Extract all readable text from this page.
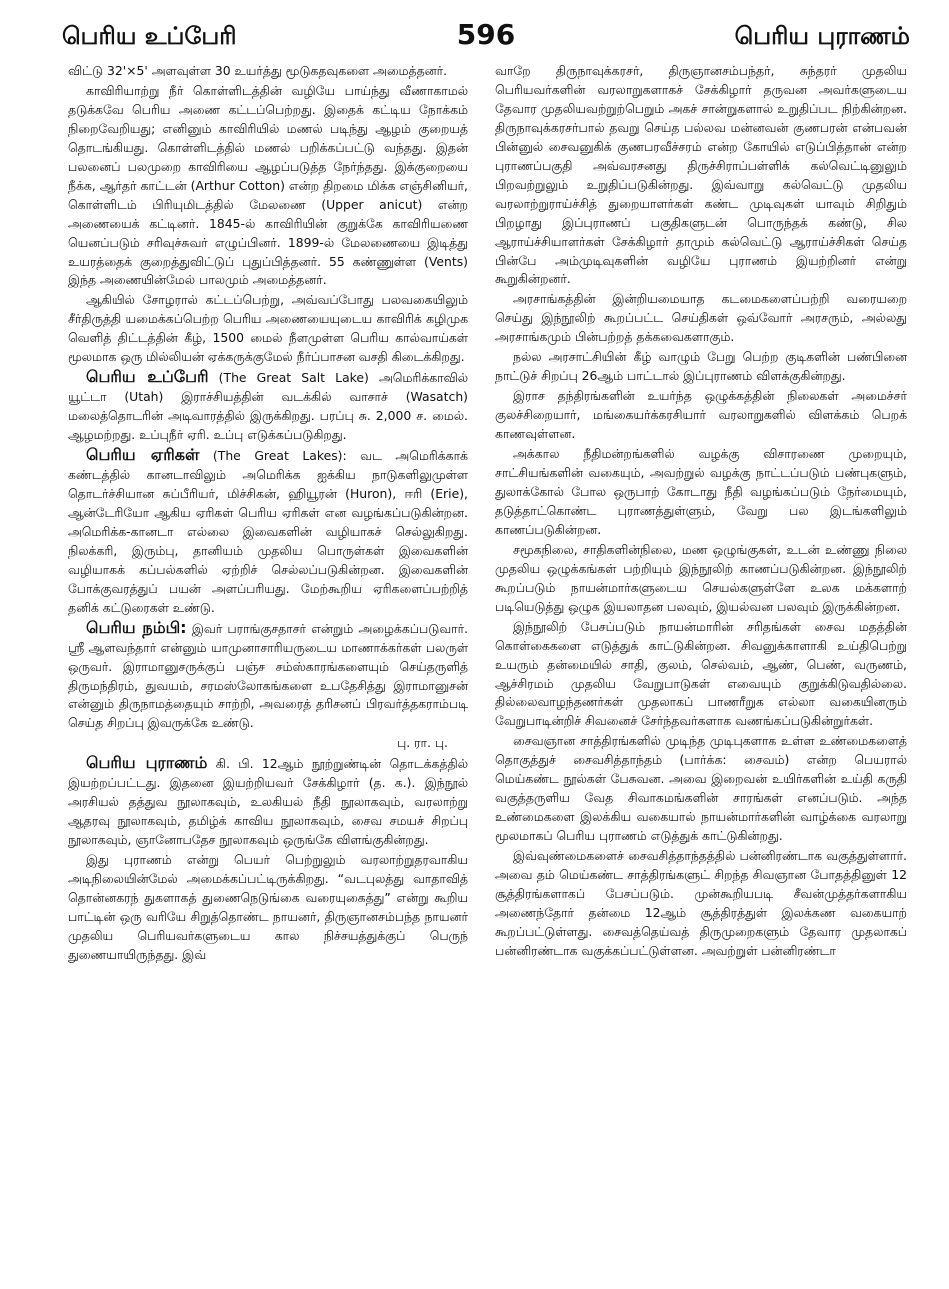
பெரிய உப்பேரி	596	பெரிய புராணம்

விட்டு 32'×5' அளவுள்ள 30 உயர்த்து மூடுகதவுகளை அமைத்தனர்.

காவிரியாற்று நீர் கொள்ளிடத்தின் வழியே பாய்ந்து வீணாகாமல் தடுக்கவே பெரிய அணை கட்டப்பெற்றது. இதைக் கட்டிய நோக்கம் நிறைவேறியது; எனினும் காவிரியில் மணல் படிந்து ஆழம் குறையத் தொடங்கியது. கொள்ளிடத்தில் மணல் பறிக்கப்பட்டு வந்தது. இதன் பலனைப் பலமுறை காவிரியை ஆழப்படுத்த நேர்ந்தது. இக்குறையை நீக்க, ஆர்தர் காட்டன் (Arthur Cotton) என்ற திறமை மிக்க எஞ்சினியர், கொள்ளிடம் பிரியுமிடத்தில் மேலணை (Upper anicut) என்ற அணையைக் கட்டினர். 1845-ல் காவிரியின் குறுக்கே காவிரியணை யெனப்படும் சரிவுச்சுவர் எழுப்பினர். 1899-ல் மேலணையை இடித்து உயரத்தைக் குறைத்துவிட்டுப் புதுப்பித்தனர். 55 கண்ணுள்ள (Vents) இந்த அணையின்மேல் பாலமும் அமைத்தனர்.

ஆகியில் சோழரால் கட்டப்பெற்று, அவ்வப்போது பலவகையிலும் சீர்திருத்தி யமைக்கப்பெற்ற பெரிய அணையையுடைய காவிரிக் கழிமுக வெளித் திட்டத்தின் கீழ், 1500 மைல் நீளமுள்ள பெரிய கால்வாய்கள் மூலமாக ஒரு மில்லியன் ஏக்கருக்குமேல் நீர்ப்பாசன வசதி கிடைக்கிறது.

பெரிய உப்பேரி (The Great Salt Lake) அமெரிக்காவில் யூட்டா (Utah) இராச்சியத்தின் வடக்கில் வாசாச் (Wasatch) மலைத்தொடரின் அடிவாரத்தில் இருக்கிறது. பரப்பு சு. 2,000 ச. மைல். ஆழமற்றது. உப்புநீர் ஏரி. உப்பு எடுக்கப்படுகிறது.

பெரிய ஏரிகள் (The Great Lakes): வட அமெரிக்காக் கண்டத்தில் கானடாவிலும் அமெரிக்க ஐக்கிய நாடுகளிலுமுள்ள தொடர்ச்சியான சுப்பீரியர், மிச்சிகன், ஹியூரன் (Huron), ஈரி (Erie), ஆன்டேரியோ ஆகிய ஏரிகள் பெரிய ஏரிகள் என வழங்கப்படுகின்றன. அமெரிக்க-கானடா எல்லை இவைகளின் வழியாகச் செல்லுகிறது. நிலக்கரி, இரும்பு, தானியம் முதலிய பொருள்கள் இவைகளின் வழியாகக் கப்பல்களில் ஏற்றிச் செல்லப்படுகின்றன. இவைகளின் போக்குவரத்துப் பயன் அளப்பரியது. மேற்கூறிய ஏரிகளைப்பற்றித் தனிக் கட்டுரைகள் உண்டு.

பெரிய நம்பி: இவர் பராங்குசதாசர் என்றும் அழைக்கப்படுவார். ஸ்ரீ ஆளவந்தார் என்னும் யாமுனாசாரியருடைய மாணாக்கர்கள் பலருள் ஒருவர். இராமானுசருக்குப் பஞ்ச சம்ஸ்காரங்களையும் செய்தருளித் திருமந்திரம், துவயம், சரமஸ்லோகங்களை உபதேசித்து இராமானுசன் என்னும் திருநாமத்தையும் சாற்றி, அவரைத் தரிசனப் பிரவர்த்தகராம்படி செய்த சிறப்பு இவருக்கே உண்டு.

பு. ரா. பு.

பெரிய புராணம் கி. பி. 12ஆம் நூற்றுண்டின் தொடக்கத்தில் இயற்றப்பட்டது. இதனை இயற்றியவர் சேக்கிழார் (த. க.). இந்நூல் அரசியல் தத்துவ நூலாகவும், உலகியல் நீதி நூலாகவும், வரலாற்று ஆதரவு நூலாகவும், தமிழ்க் காவிய நூலாகவும், சைவ சமயச் சிறப்பு நூலாகவும், ஞானோபதேச நூலாகவும் ஒருங்கே விளங்குகின்றது.

இது புராணம் என்று பெயர் பெற்றுலும் வரலாற்றுதரவாகிய அடிநிலையின்மேல் அமைக்கப்பட்டிருக்கிறது. “வடபுலத்து வாதாவித் தொன்னகரந் துகளாகத் துணைநெடுங்கை வரையுகைத்து” என்று கூறிய பாட்டின் ஒரு வரியே சிறுத்தொண்ட நாயனர், திருஞானசம்பந்த நாயனர் முதலிய பெரியவர்களுடைய கால நிச்சயத்துக்குப் பெருந் துணையாயிருந்தது. இவ்

வாறே திருநாவுக்கரசர், திருஞானசம்பந்தர், சுந்தரர் முதலிய பெரியவர்களின் வரலாறுகளாகச் சேக்கிழார் தருவன அவர்களுடைய தேவார முதலியவற்றுற்பெறும் அகச் சான்றுகளால் உறுதிப்பட நிற்கின்றன. திருநாவுக்கரசர்பால் தவறு செய்த பல்லவ மன்னவன் குணபரன் என்பவன் பின்னுல் சைவனுகிக் குணபரவீச்சரம் என்ற கோயில் எடுப்பித்தான் என்ற புராணப்பகுதி அவ்வரசனது திருச்சிராப்பள்ளிக் கல்வெட்டினுலும் பிறவற்றுலும் உறுதிப்படுகின்றது. இவ்வாறு கல்வெட்டு முதலிய வரலாற்றுராய்ச்சித் துறையாளர்கள் கண்ட முடிவுகள் யாவும் சிறிதும் பிறழாது இப்புராணப் பகுதிகளுடன் பொருந்தக் கண்டு, சில ஆராய்ச்சியாளர்கள் சேக்கிழார் தாமும் கல்வெட்டு ஆராய்ச்சிகள் செய்த பின்பே அம்முடிவுகளின் வழியே புராணம் இயற்றினர் என்று கூறுகின்றனர்.

அரசாங்கத்தின் இன்றியமையாத கடமைகளைப்பற்றி வரையறை செய்து இந்நூலிற் கூறப்பட்ட செய்திகள் ஒவ்வோர் அரசரும், அல்லது அரசாங்கமும் பின்பற்றத் தக்கவைகளாகும்.

நல்ல அரசாட்சியின் கீழ் வாழும் பேறு பெற்ற குடிகளின் பண்பினை நாட்டுச் சிறப்பு 26ஆம் பாட்டால் இப்புராணம் விளக்குகின்றது.

இராச தந்திரங்களின் உயர்ந்த ஒழுக்கத்தின் நிலைகள் அமைச்சர் குலச்சிறையார், மங்கையர்க்கரசியார் வரலாறுகளில் விளக்கம் பெறக் காணவுள்ளன.

அக்கால நீதிமன்றங்களில் வழக்கு விசாரணை முறையும், சாட்சியங்களின் வகையும், அவற்றுல் வழக்கு நாட்டப்படும் பண்புகளும், துலாக்கோல் போல ஒருபாற் கோடாது நீதி வழங்கப்படும் நேர்மையும், தடுத்தாட்கொண்ட புராணத்துள்ளும், வேறு பல இடங்களிலும் காணப்படுகின்றன.

சமூகநிலை, சாதிகளின்நிலை, மண ஒழுங்குகள், உடன் உண்ணு நிலை முதலிய ஒழுக்கங்கள் பற்றியும் இந்நூலிற் காணப்படுகின்றன. இந்நூலிற் கூறப்படும் நாயன்மார்களுடைய செயல்களுள்ளே உலக மக்களாற் படியெடுத்து ஒழுக இயலாதன பலவும், இயல்வன பலவும் இருக்கின்றன.

இந்நூலிற் பேசப்படும் நாயன்மாரின் சரிதங்கள் சைவ மதத்தின் கொள்கைகளை எடுத்துக் காட்டுகின்றன. சிவனுக்காளாகி உய்திபெற்று உயரும் தன்மையில் சாதி, குலம், செல்வம், ஆண், பெண், வருணம், ஆச்சிரமம் முதலிய வேறுபாடுகள் எவையும் குறுக்கிடுவதில்லை. தில்லைவாழந்தணர்கள் முதலாகப் பாணரீறுக எல்லா வகையினரும் வேறுபாடின்றிச் சிவனைச் சேர்ந்தவர்களாக வணங்கப்படுகின்றுர்கள்.

சைவஞான சாத்திரங்களில் முடிந்த முடிபுகளாக உள்ள உண்மைகளைத் தொகுத்துச் சைவசித்தாந்தம் (பார்க்க: சைவம்) என்ற பெயரால் மெய்கண்ட நூல்கள் பேசுவன. அவை இறைவன் உயிர்களின் உய்தி கருதி வகுத்தருளிய வேத சிவாகமங்களின் சாரங்கள் எனப்படும். அந்த உண்மைகளை இலக்கிய வகையால் நாயன்மார்களின் வாழ்க்கை வரலாறு மூலமாகப் பெரிய புராணம் எடுத்துக் காட்டுகின்றது.

இவ்வுண்மைகளைச் சைவசித்தாந்தத்தில் பன்னிரண்டாக வகுத்துள்ளார். அவை தம் மெய்கண்ட சாத்திரங்களுட் சிறந்த சிவஞான போதத்தினுள் 12 சூத்திரங்களாகப் பேசப்படும். முன்கூறியபடி சீவன்முத்தர்களாகிய அணைந்தோர் தன்மை 12ஆம் சூத்திரத்துள் இலக்கண வகையாற் கூறப்பட்டுள்ளது. சைவத்தெய்வத் திருமுறைகளும் தேவார முதலாகப் பன்னிரண்டாக வகுக்கப்பட்டுள்ளன. அவற்றுள் பன்னிரண்டா
